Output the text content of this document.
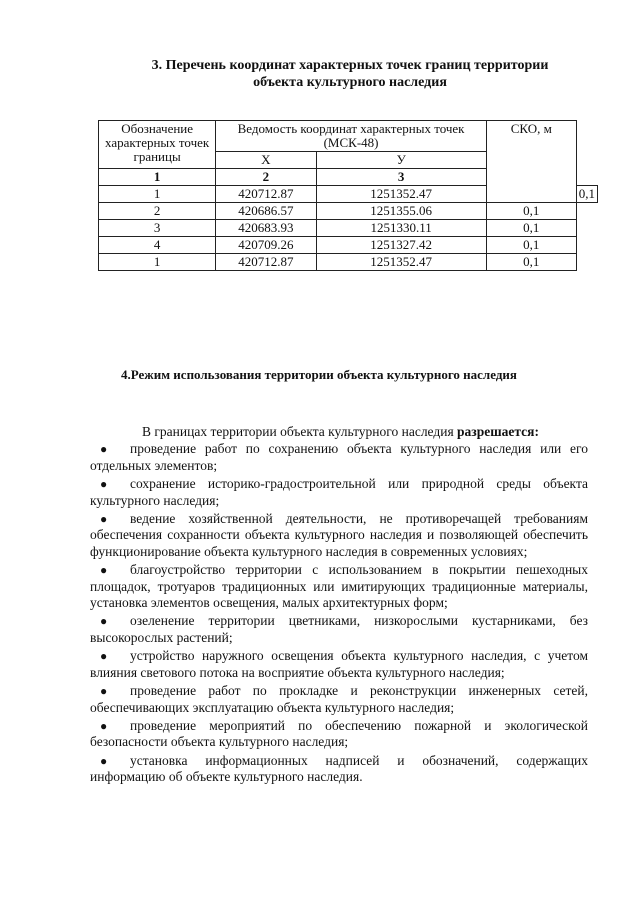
3. Перечень координат характерных точек границ территории
объекта культурного наследия
Обозначение характерных точек границы	Ведомость координат характерных точек (МСК-48)		СКО, м	
	Х	У		
1	2	3		
1	420712.87	1251352.47		0,1
2	420686.57	1251355.06	0,1	
3	420683.93	1251330.11	0,1	
4	420709.26	1251327.42	0,1	
1	420712.87	1251352.47	0,1	
4.Режим использования территории объекта культурного наследия

В границах территории объекта культурного наследия разрешается:

● проведение работ по сохранению объекта культурного наследия или его отдельных элементов;

● сохранение историко-градостроительной или природной среды объекта культурного наследия;

● ведение хозяйственной деятельности, не противоречащей требованиям обеспечения сохранности объекта культурного наследия и позволяющей обеспечить функционирование объекта культурного наследия в современных условиях;

● благоустройство территории с использованием в покрытии пешеходных площадок, тротуаров традиционных или имитирующих традиционные материалы, установка элементов освещения, малых архитектурных форм;

● озеленение территории цветниками, низкорослыми кустарниками, без высокорослых растений;

● устройство наружного освещения объекта культурного наследия, с учетом влияния светового потока на восприятие объекта культурного наследия;

● проведение работ по прокладке и реконструкции инженерных сетей, обеспечивающих эксплуатацию объекта культурного наследия;

● проведение мероприятий по обеспечению пожарной и экологической безопасности объекта культурного наследия;

● установка информационных надписей и обозначений, содержащих информацию об объекте культурного наследия.
